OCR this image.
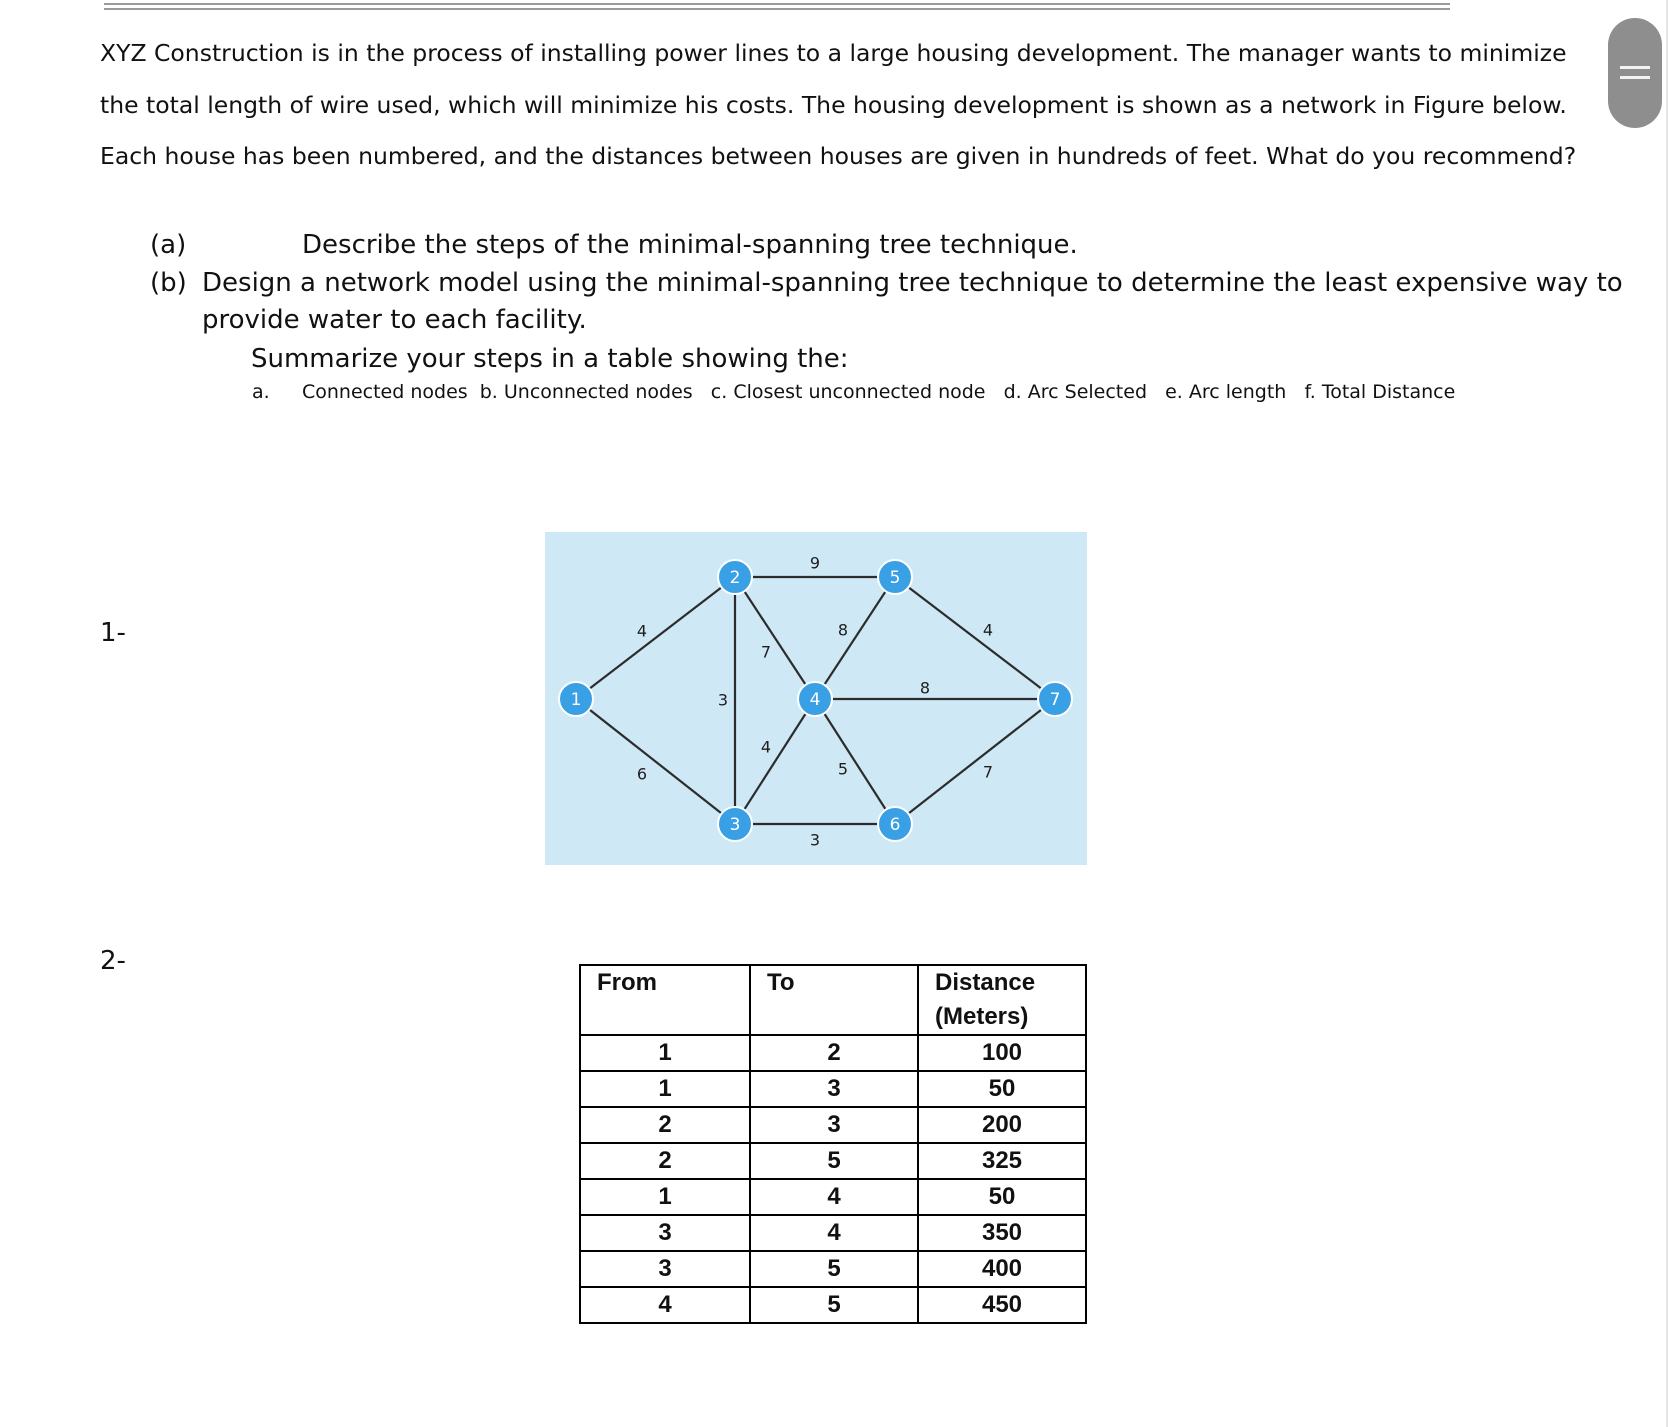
XYZ Construction is in the process of installing power lines to a large housing development. The manager wants to minimize the total length of wire used, which will minimize his costs. The housing development is shown as a network in Figure below. Each house has been numbered, and the distances between houses are given in hundreds of feet. What do you recommend?

(a)	Describe the steps of the minimal-spanning tree technique.
(b) Design a network model using the minimal-spanning tree technique to determine the least expensive way to
provide water to each facility.
Summarize your steps in a table showing the:
a. Connected nodes  b. Unconnected nodes   c. Closest unconnected node   d. Arc Selected   e. Arc length   f. Total Distance
1-
2-
4
6
3
7
9
4
3
8
5
8
4
7
1
2
3
4
5
6
7
From	To	Distance (Meters)
1	2	100
1	3	50
2	3	200
2	5	325
1	4	50
3	4	350
3	5	400
4	5	450
